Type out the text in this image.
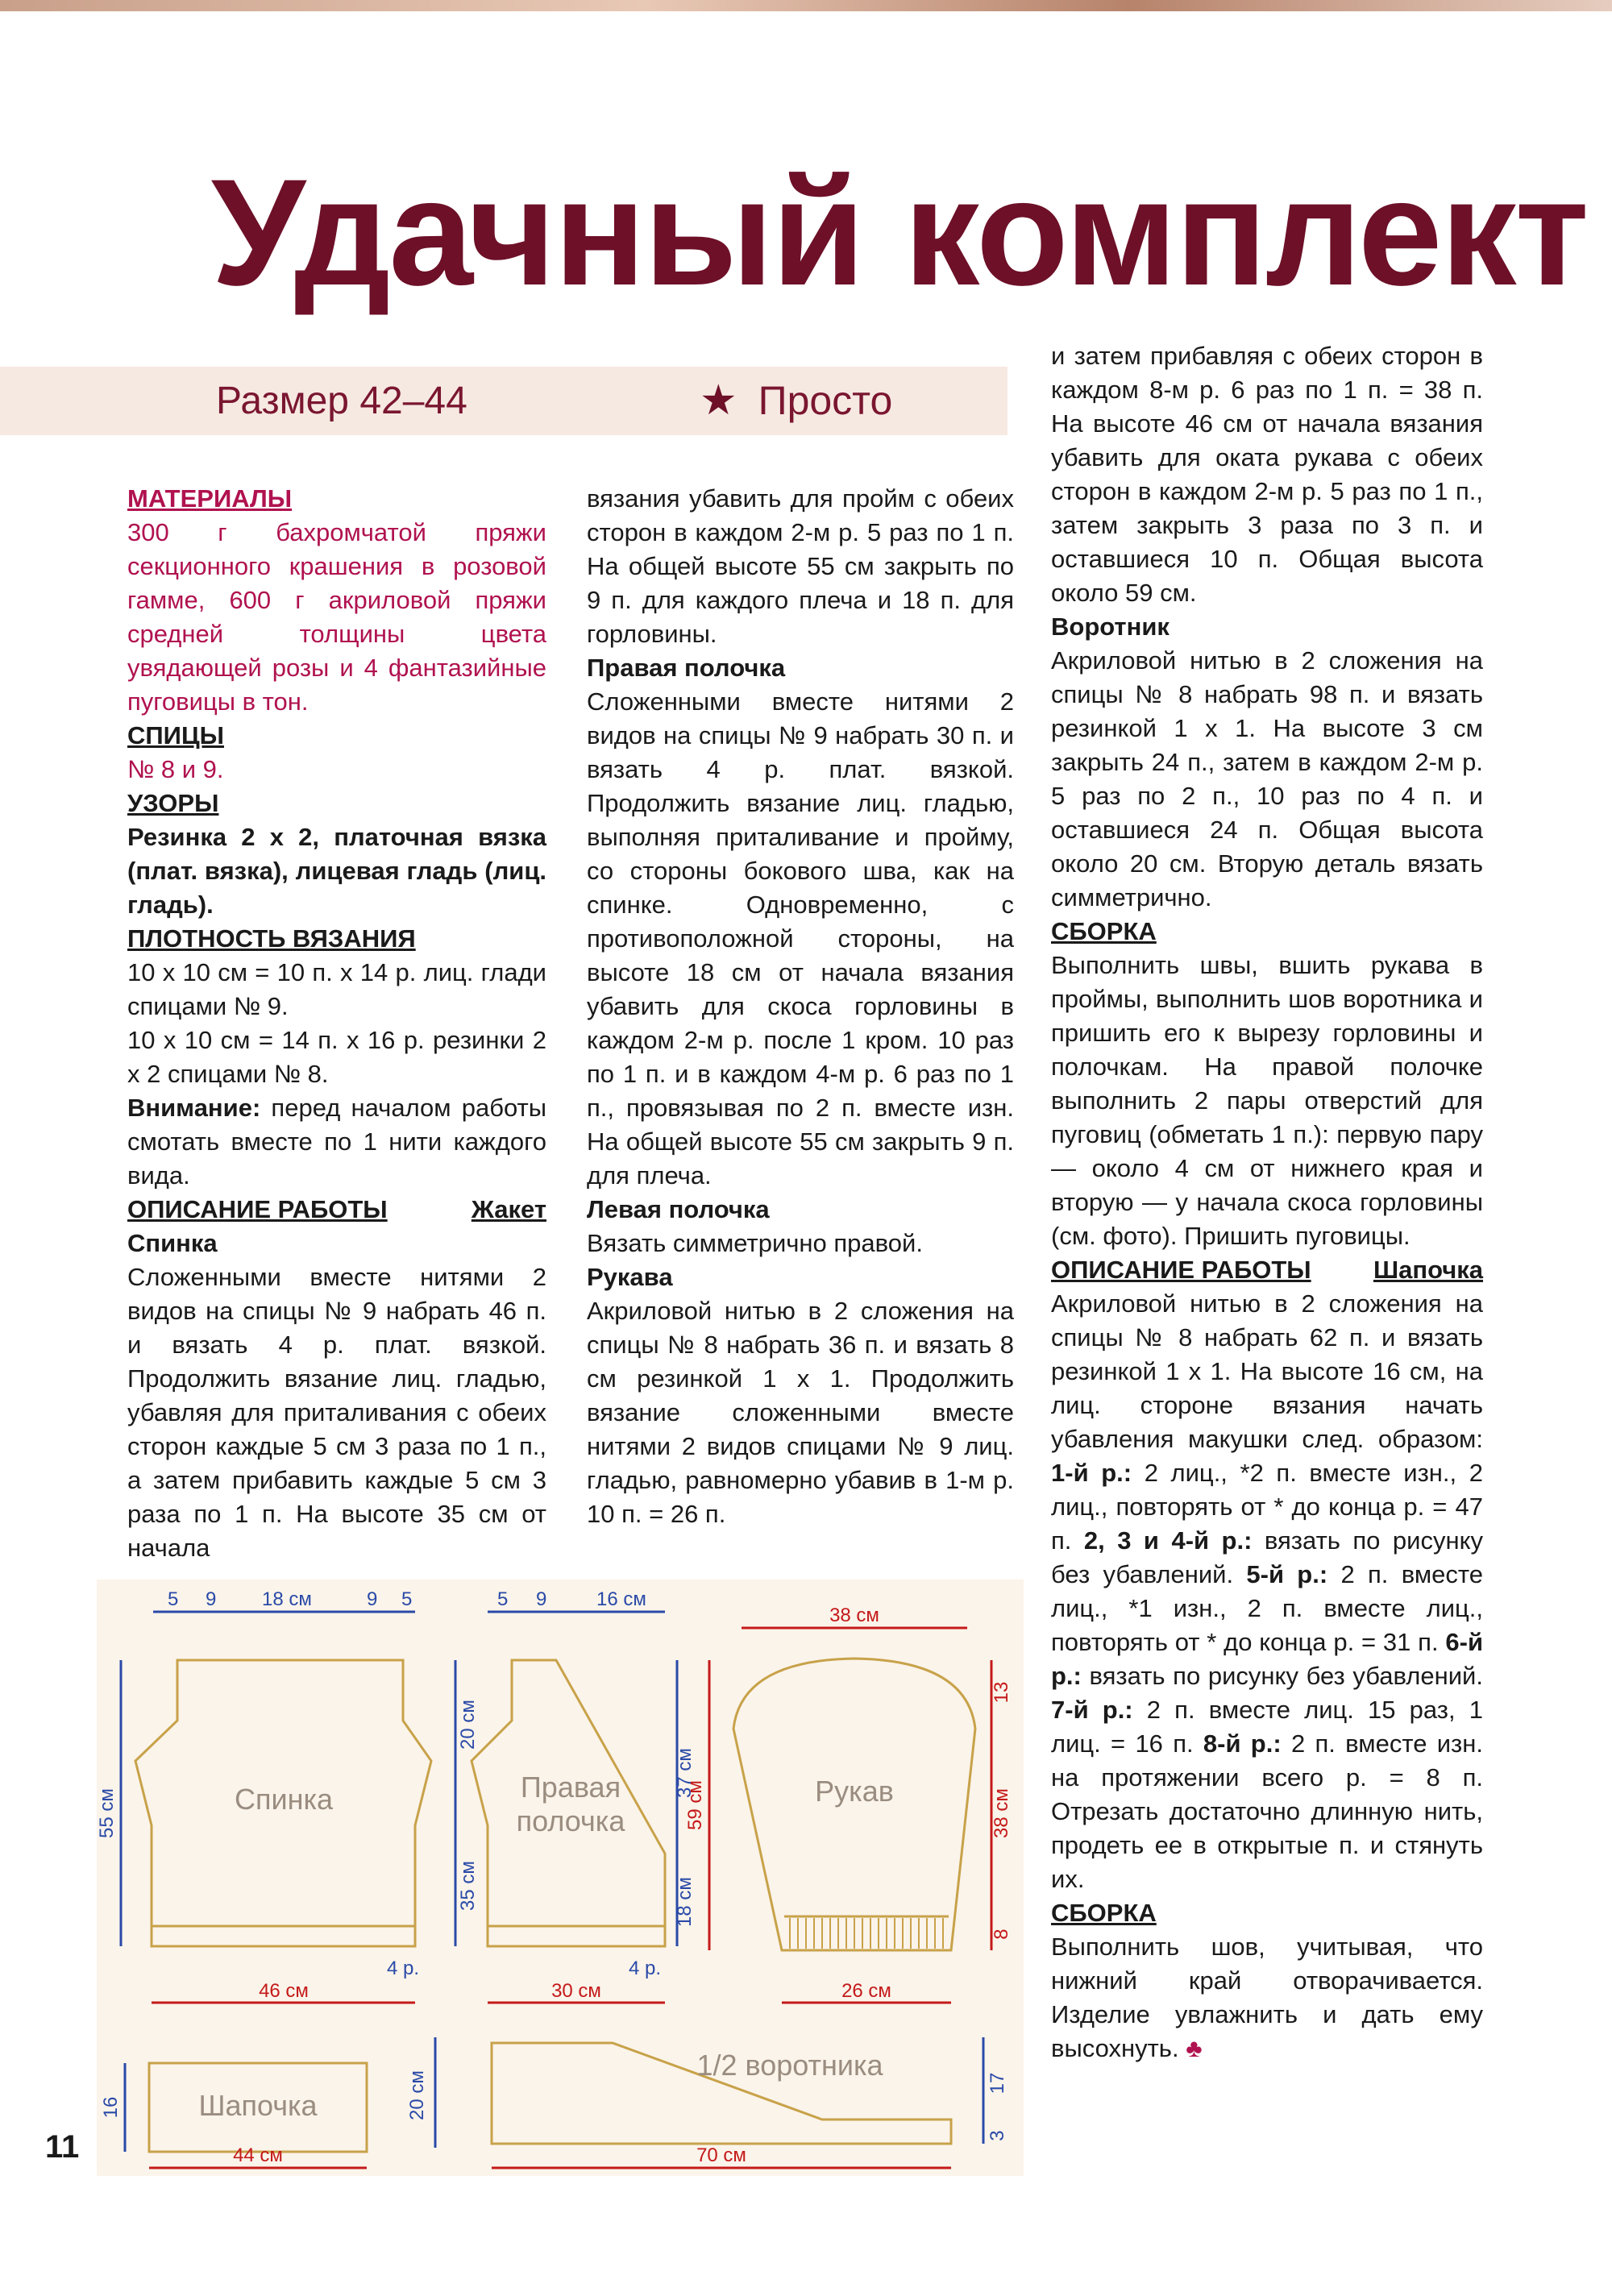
Удачный комплект
Размер 42–44	★ Просто

МАТЕРИАЛЫ

300 г бахромчатой пряжи секционного крашения в розовой гамме, 600 г акриловой пряжи средней толщины цвета увядающей розы и 4 фантазийные пуговицы в тон.

СПИЦЫ

№ 8 и 9.

УЗОРЫ

Резинка 2 х 2, платочная вязка (плат. вязка), лицевая гладь (лиц. гладь).

ПЛОТНОСТЬ ВЯЗАНИЯ

10 х 10 см = 10 п. х 14 р. лиц. глади спицами № 9.

10 х 10 см = 14 п. х 16 р. резинки 2 х 2 спицами № 8.

Внимание: перед началом работы смотать вместе по 1 нити каждого вида.

ОПИСАНИЕ РАБОТЫ	Жакет

Спинка

Сложенными вместе нитями 2 видов на спицы № 9 набрать 46 п. и вязать 4 р. плат. вязкой. Продолжить вязание лиц. гладью, убавляя для приталивания с обеих сторон каждые 5 см 3 раза по 1 п., а затем прибавить каждые 5 см 3 раза по 1 п. На высоте 35 см от начала

вязания убавить для пройм с обеих сторон в каждом 2-м р. 5 раз по 1 п. На общей высоте 55 см закрыть по 9 п. для каждого плеча и 18 п. для горловины.

Правая полочка

Сложенными вместе нитями 2 видов на спицы № 9 набрать 30 п. и вязать 4 р. плат. вязкой. Продолжить вязание лиц. гладью, выполняя приталивание и пройму, со стороны бокового шва, как на спинке. Одновременно, с противоположной стороны, на высоте 18 см от начала вязания убавить для скоса горловины в каждом 2-м р. после 1 кром. 10 раз по 1 п. и в каждом 4-м р. 6 раз по 1 п., провязывая по 2 п. вместе изн. На общей высоте 55 см закрыть 9 п. для плеча.

Левая полочка

Вязать симметрично правой.

Рукава

Акриловой нитью в 2 сложения на спицы № 8 набрать 36 п. и вязать 8 см резинкой 1 х 1. Продолжить вязание сложенными вместе нитями 2 видов спицами № 9 лиц. гладью, равномерно убавив в 1-м р. 10 п. = 26 п.

и затем прибавляя с обеих сторон в каждом 8-м р. 6 раз по 1 п. = 38 п. На высоте 46 см от начала вязания убавить для оката рукава с обеих сторон в каждом 2-м р. 5 раз по 1 п., затем закрыть 3 раза по 3 п. и оставшиеся 10 п. Общая высота около 59 см.

Воротник

Акриловой нитью в 2 сложения на спицы № 8 набрать 98 п. и вязать резинкой 1 х 1. На высоте 3 см закрыть 24 п., затем в каждом 2-м р. 5 раз по 2 п., 10 раз по 4 п. и оставшиеся 24 п. Общая высота около 20 см. Вторую деталь вязать симметрично.

СБОРКА

Выполнить швы, вшить рукава в проймы, выполнить шов воротника и пришить его к вырезу горловины и полочкам. На правой полочке выполнить 2 пары отверстий для пуговиц (обметать 1 п.): первую пару — около 4 см от нижнего края и вторую — у начала скоса горловины (см. фото). Пришить пуговицы.

ОПИСАНИЕ РАБОТЫ Шапочка

Акриловой нитью в 2 сложения на спицы № 8 набрать 62 п. и вязать резинкой 1 х 1. На высоте 16 см, на лиц. стороне вязания начать убавления макушки след. образом: 1-й р.: 2 лиц., *2 п. вместе изн., 2 лиц., повторять от * до конца р. = 47 п. 2, 3 и 4-й р.: вязать по рисунку без убавлений. 5-й р.: 2 п. вместе лиц., *1 изн., 2 п. вместе лиц., повторять от * до конца р. = 31 п. 6-й р.: вязать по рисунку без убавлений. 7-й р.: 2 п. вместе лиц. 15 раз, 1 лиц. = 16 п. 8-й р.: 2 п. вместе изн. на протяжении всего р. = 8 п. Отрезать достаточно длинную нить, продеть ее в открытые п. и стянуть их.

СБОРКА

Выполнить шов, учитывая, что нижний край отворачивается. Изделие увлажнить и дать ему высохнуть. ♣

Спинка	Правая
полочка
Рукав
Шапочка
1/2 воротника
5 9 18 см	9 5	5 9	16 см
4 р.	4 р.
55 см
20 см
35 см
37 см
18 см
20 см	17
3
16
38 см
46 см	30 см	26 см
44 см	70 см
59 см
13
38 см
8
11
